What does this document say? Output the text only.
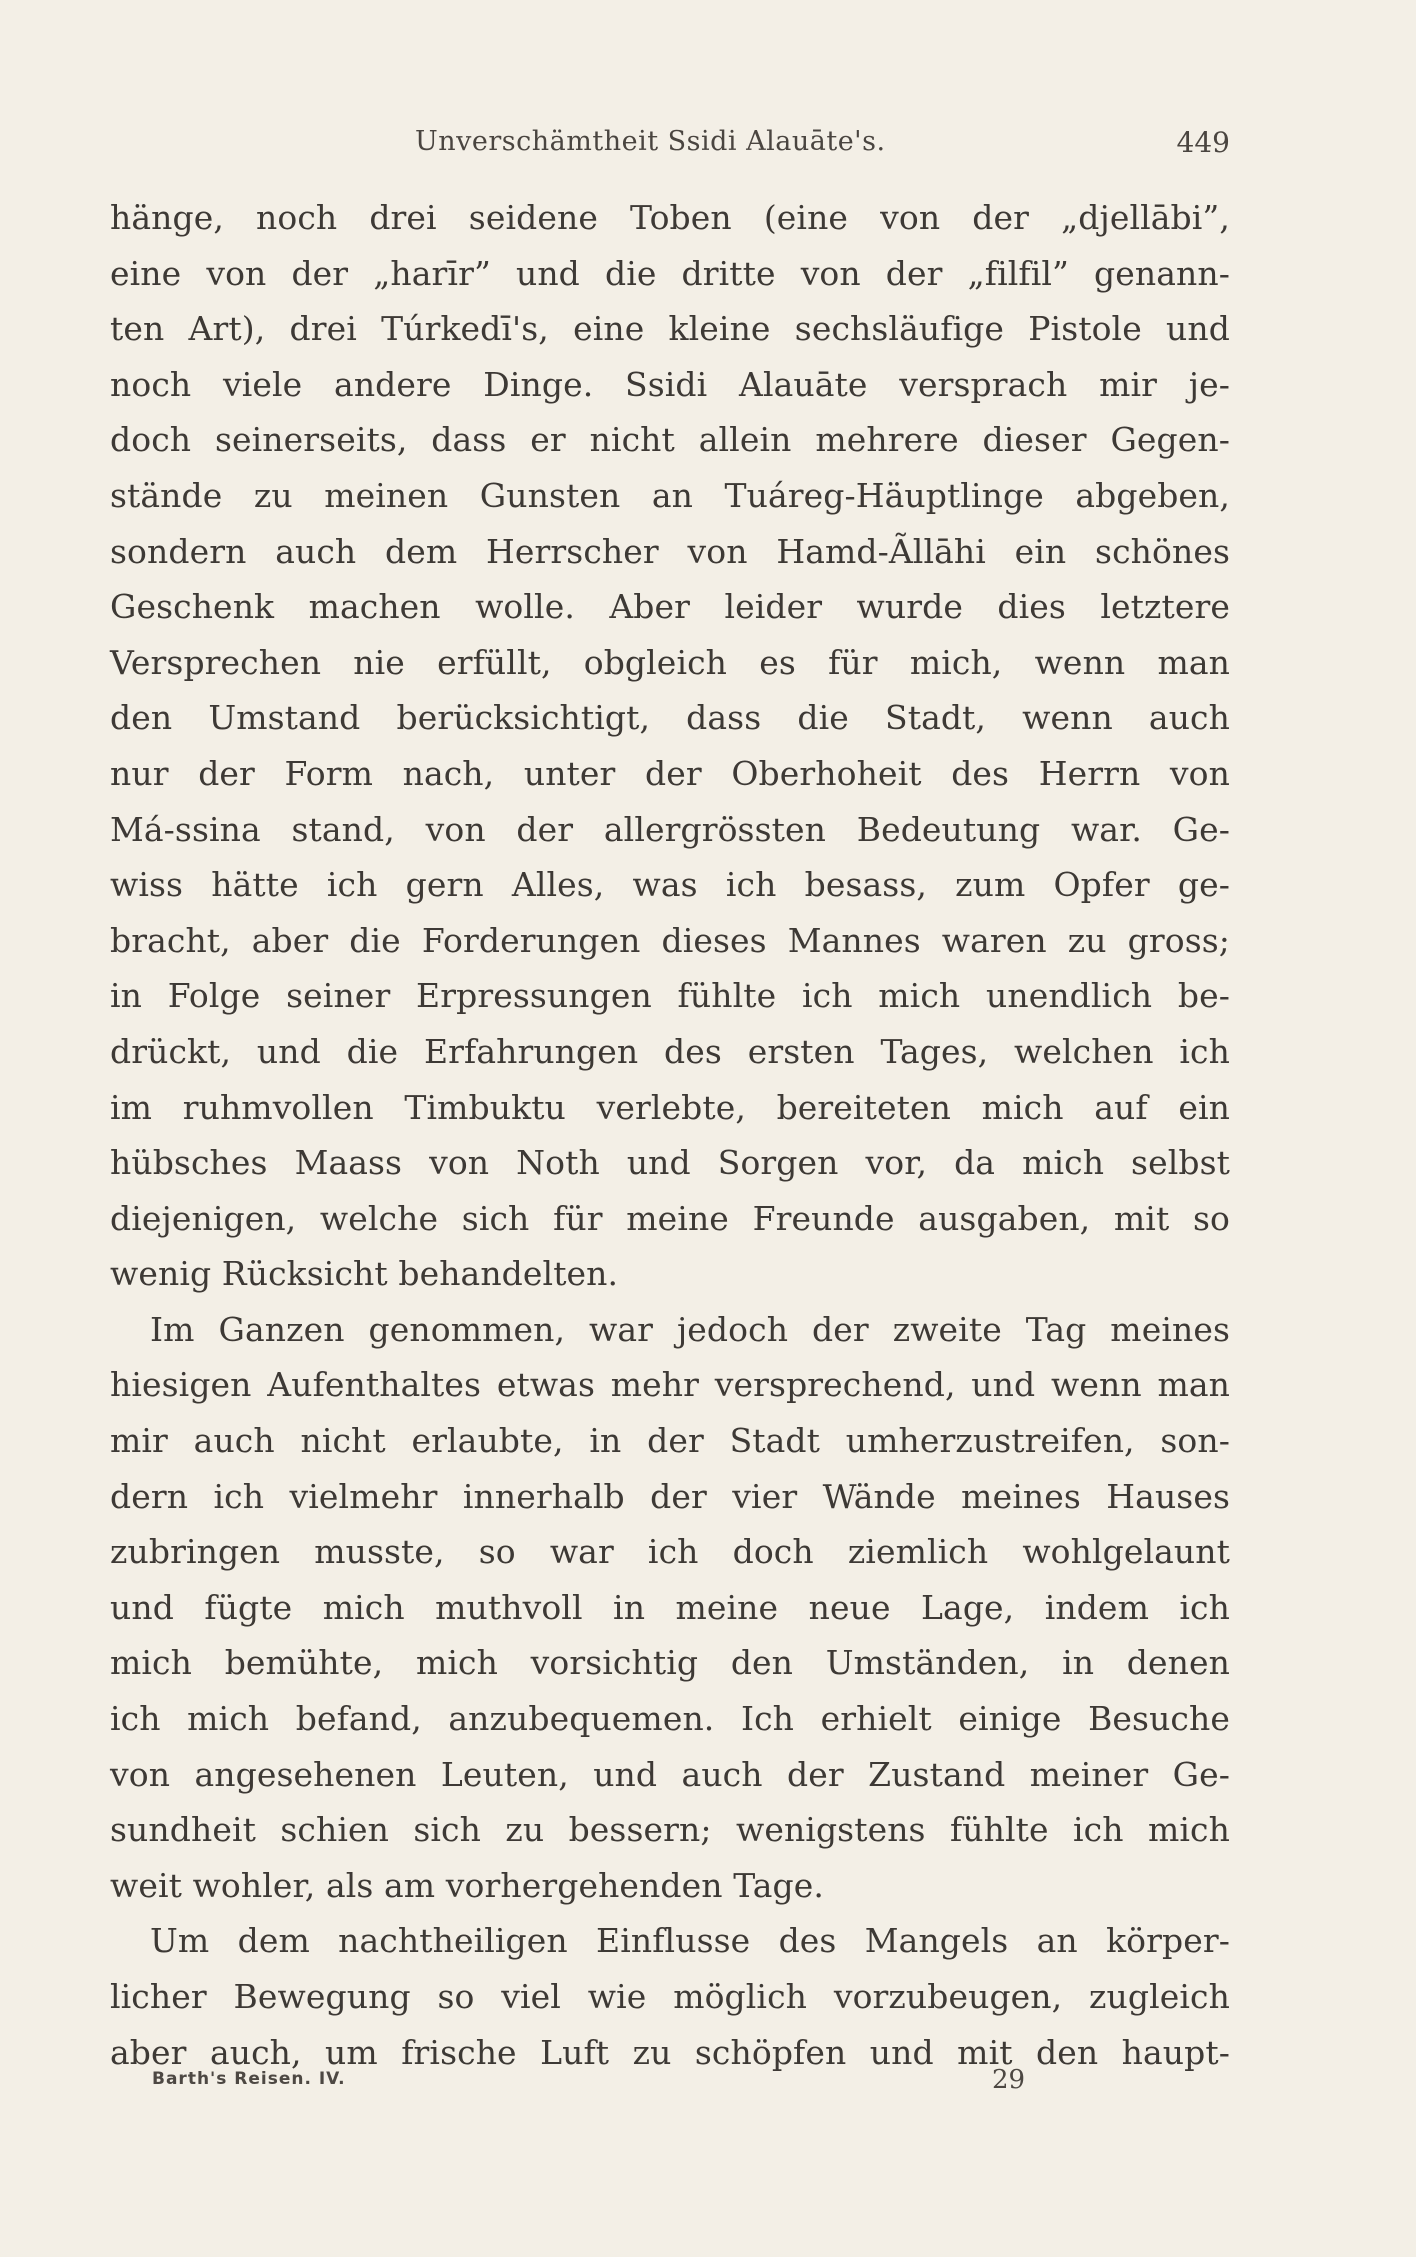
Unverschämtheit Ssidi Alauāte's.	449
hänge, noch drei seidene Toben (eine von der „djellābi”,
eine von der „harīr” und die dritte von der „filfil” genann-
ten Art), drei Túrkedī's, eine kleine sechsläufige Pistole und
noch viele andere Dinge. Ssidi Alauāte versprach mir je-
doch seinerseits, dass er nicht allein mehrere dieser Gegen-
stände zu meinen Gunsten an Tuáreg-Häuptlinge abgeben,
sondern auch dem Herrscher von Hamd-Ãllāhi ein schönes
Geschenk machen wolle. Aber leider wurde dies letztere
Versprechen nie erfüllt, obgleich es für mich, wenn man
den Umstand berücksichtigt, dass die Stadt, wenn auch
nur der Form nach, unter der Oberhoheit des Herrn von
Má-ssina stand, von der allergrössten Bedeutung war. Ge-
wiss hätte ich gern Alles, was ich besass, zum Opfer ge-
bracht, aber die Forderungen dieses Mannes waren zu gross;
in Folge seiner Erpressungen fühlte ich mich unendlich be-
drückt, und die Erfahrungen des ersten Tages, welchen ich
im ruhmvollen Timbuktu verlebte, bereiteten mich auf ein
hübsches Maass von Noth und Sorgen vor, da mich selbst
diejenigen, welche sich für meine Freunde ausgaben, mit so
wenig Rücksicht behandelten.
Im Ganzen genommen, war jedoch der zweite Tag meines
hiesigen Aufenthaltes etwas mehr versprechend, und wenn man
mir auch nicht erlaubte, in der Stadt umherzustreifen, son-
dern ich vielmehr innerhalb der vier Wände meines Hauses
zubringen musste, so war ich doch ziemlich wohlgelaunt
und fügte mich muthvoll in meine neue Lage, indem ich
mich bemühte, mich vorsichtig den Umständen, in denen
ich mich befand, anzubequemen. Ich erhielt einige Besuche
von angesehenen Leuten, und auch der Zustand meiner Ge-
sundheit schien sich zu bessern; wenigstens fühlte ich mich
weit wohler, als am vorhergehenden Tage.
Um dem nachtheiligen Einflusse des Mangels an körper-
licher Bewegung so viel wie möglich vorzubeugen, zugleich
aber auch, um frische Luft zu schöpfen und mit den haupt-
Barth's Reisen. IV.	29
